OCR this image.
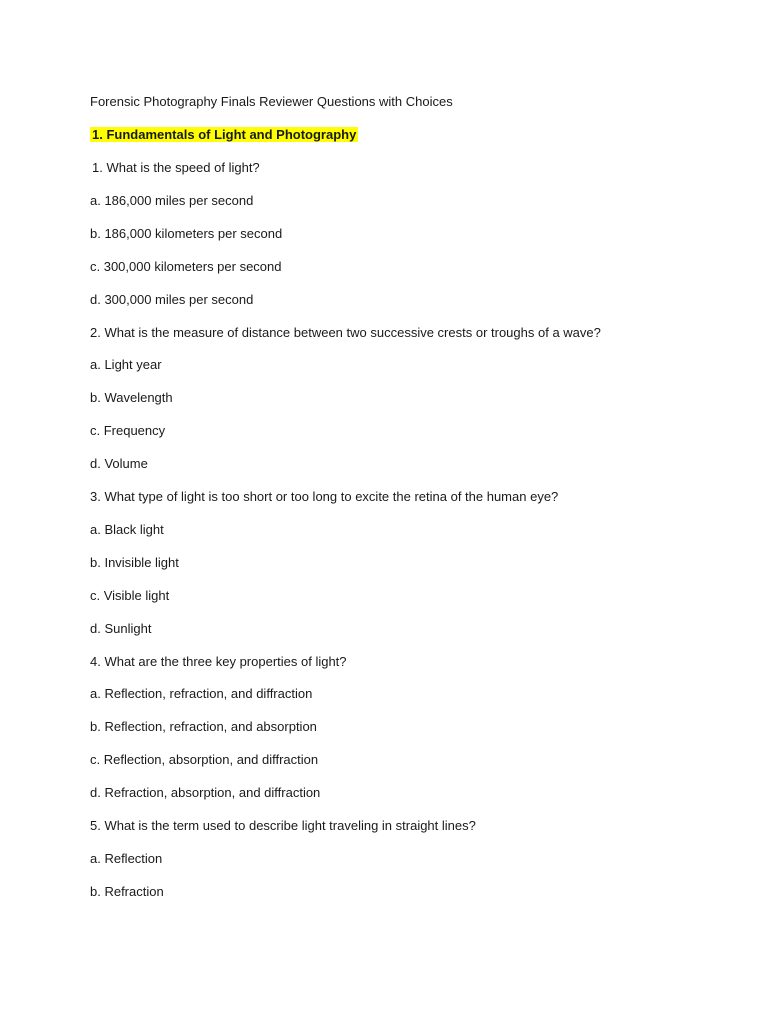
Forensic Photography Finals Reviewer Questions with Choices
1. Fundamentals of Light and Photography
1. What is the speed of light?
a. 186,000 miles per second
b. 186,000 kilometers per second
c. 300,000 kilometers per second
d. 300,000 miles per second
2. What is the measure of distance between two successive crests or troughs of a wave?
a. Light year
b. Wavelength
c. Frequency
d. Volume
3. What type of light is too short or too long to excite the retina of the human eye?
a. Black light
b. Invisible light
c. Visible light
d. Sunlight
4. What are the three key properties of light?
a. Reflection, refraction, and diffraction
b. Reflection, refraction, and absorption
c. Reflection, absorption, and diffraction
d. Refraction, absorption, and diffraction
5. What is the term used to describe light traveling in straight lines?
a. Reflection
b. Refraction
